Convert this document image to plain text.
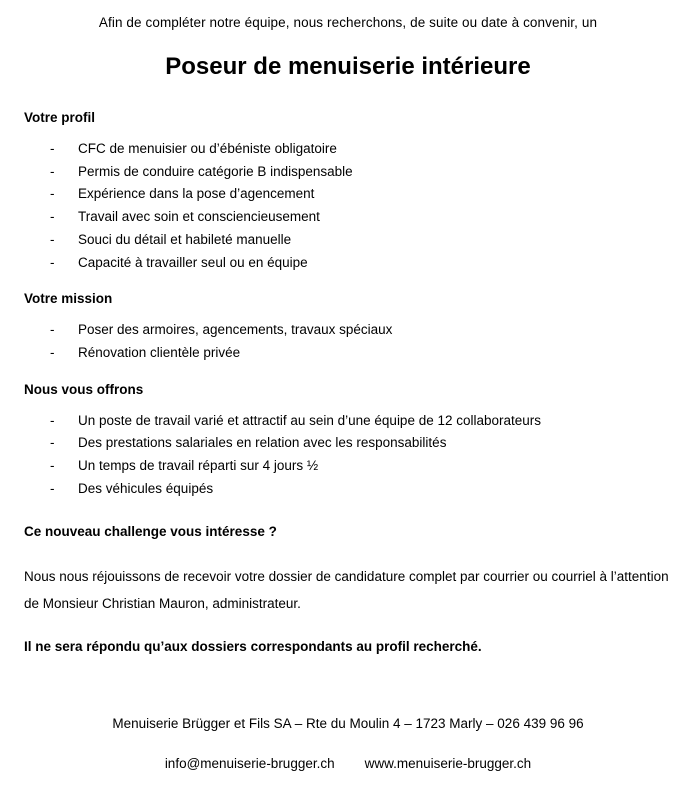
Afin de compléter notre équipe, nous recherchons, de suite ou date à convenir, un

Poseur de menuiserie intérieure

Votre profil

-	CFC de menuisier ou d’ébéniste obligatoire
-	Permis de conduire catégorie B indispensable
-	Expérience dans la pose d’agencement
-	Travail avec soin et consciencieusement
-	Souci du détail et habileté manuelle
-	Capacité à travailler seul ou en équipe

Votre mission

-	Poser des armoires, agencements, travaux spéciaux
-	Rénovation clientèle privée

Nous vous offrons

-	Un poste de travail varié et attractif au sein d’une équipe de 12 collaborateurs
-	Des prestations salariales en relation avec les responsabilités
-	Un temps de travail réparti sur 4 jours ½
-	Des véhicules équipés

Ce nouveau challenge vous intéresse ?

Nous nous réjouissons de recevoir votre dossier de candidature complet par courrier ou courriel à l’attention de Monsieur Christian Mauron, administrateur.

Il ne sera répondu qu’aux dossiers correspondants au profil recherché.

Menuiserie Brügger et Fils SA – Rte du Moulin 4 – 1723 Marly – 026 439 96 96

info@menuiserie-brugger.ch www.menuiserie-brugger.ch
